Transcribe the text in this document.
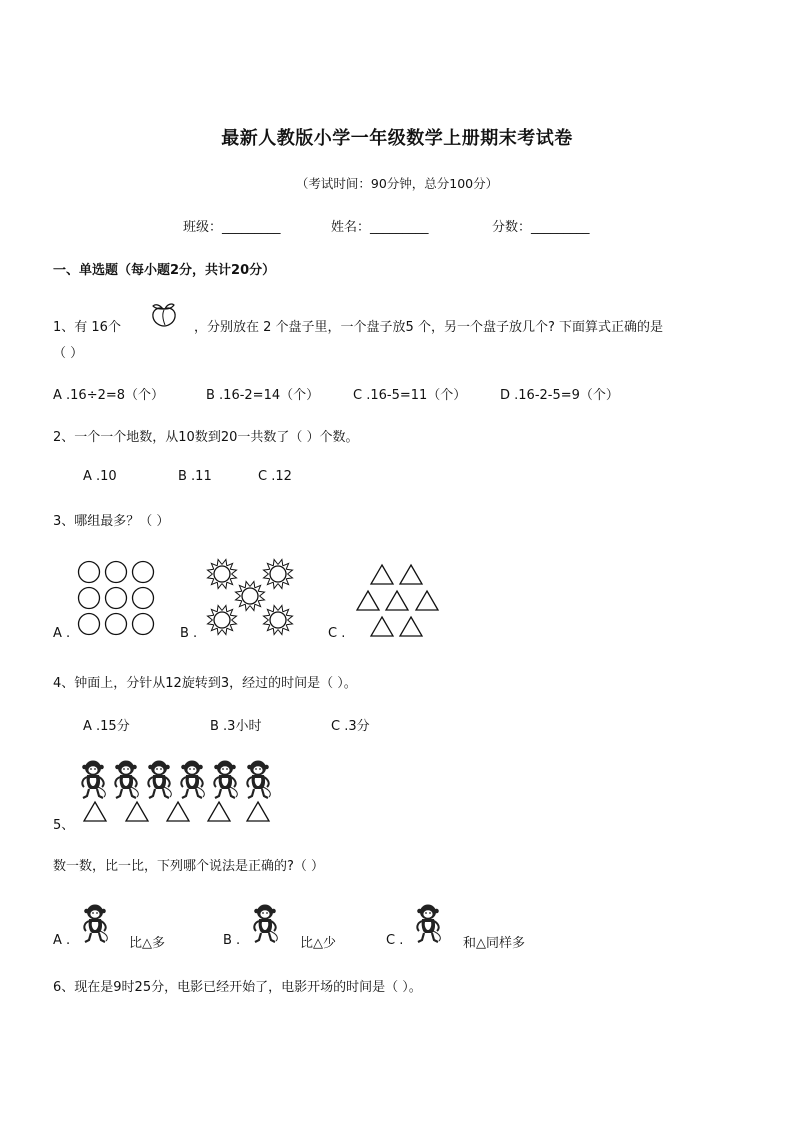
最新人教版小学一年级数学上册期末考试卷
（考试时间：90分钟，总分100分）
班级：_________	姓名：_________	分数：_________
一、单选题（每小题2分，共计20分）
1、有 16个	，分别放在 2 个盘子里，一个盘子放5 个，另一个盘子放几个? 下面算式正确的是
（ ）
A .16÷2=8（个）	B .16-2=14（个）	C .16-5=11（个）	D .16-2-5=9（个）
2、一个一个地数，从10数到20一共数了（ ）个数。
A .10	B .11	C .12
3、哪组最多？（ ）
A .	B .	C .
4、钟面上，分针从12旋转到3，经过的时间是（ ）。
A .15分	B .3小时	C .3分
5、
数一数，比一比，下列哪个说法是正确的?（ ）
A .	比△多	B .	比△少	C .	和△同样多
6、现在是9时25分，电影已经开始了，电影开场的时间是（ ）。
